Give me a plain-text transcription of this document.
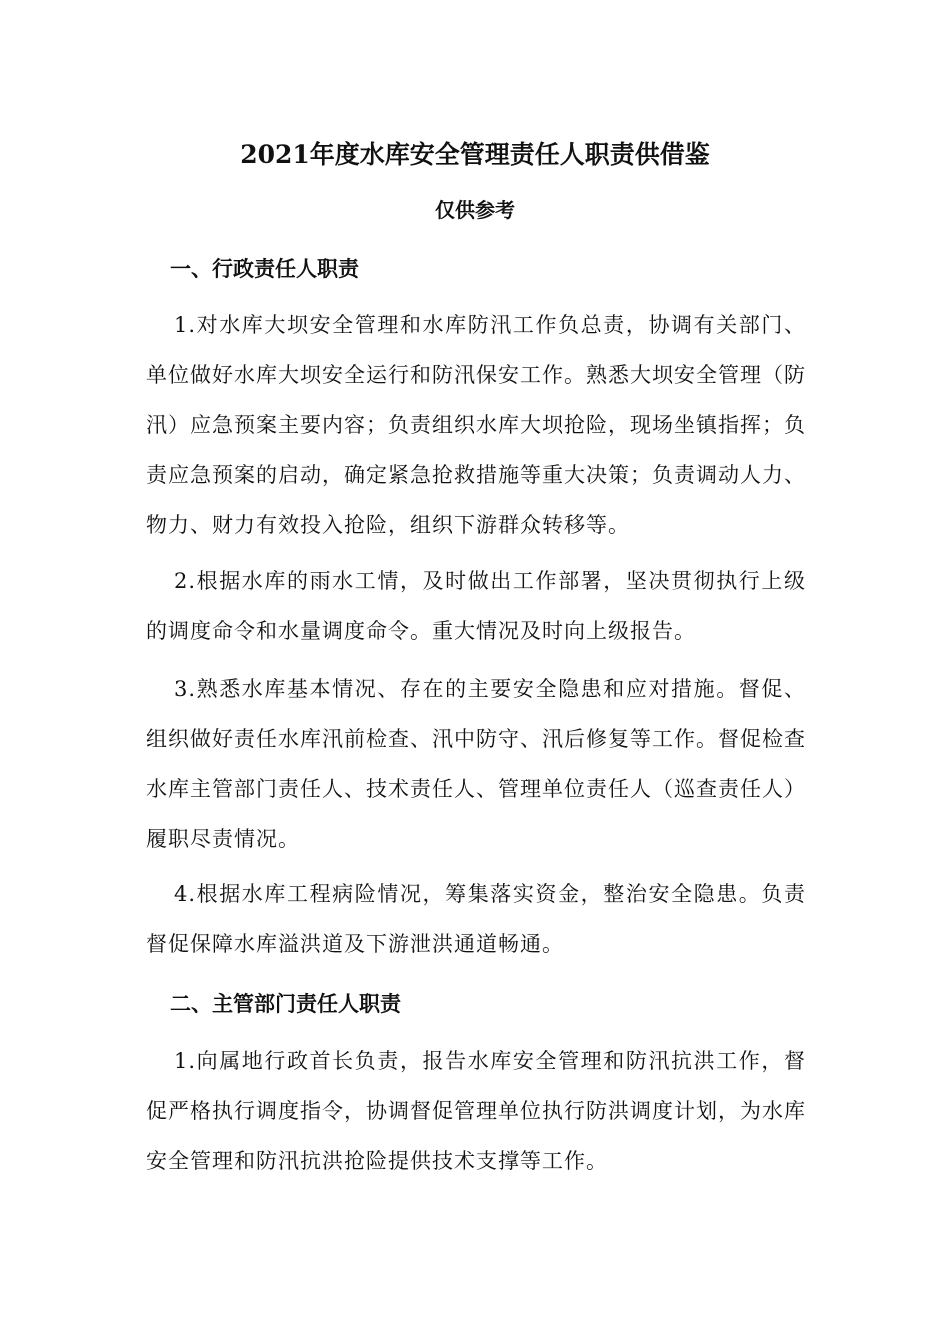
2021年度水库安全管理责任人职责供借鉴
仅供参考
一、行政责任人职责

1.对水库大坝安全管理和水库防汛工作负总责，协调有关部门、单位做好水库大坝安全运行和防汛保安工作。熟悉大坝安全管理（防汛）应急预案主要内容；负责组织水库大坝抢险，现场坐镇指挥；负责应急预案的启动，确定紧急抢救措施等重大决策；负责调动人力、物力、财力有效投入抢险，组织下游群众转移等。

2.根据水库的雨水工情，及时做出工作部署，坚决贯彻执行上级的调度命令和水量调度命令。重大情况及时向上级报告。

3.熟悉水库基本情况、存在的主要安全隐患和应对措施。督促、组织做好责任水库汛前检查、汛中防守、汛后修复等工作。督促检查水库主管部门责任人、技术责任人、管理单位责任人（巡查责任人）履职尽责情况。

4.根据水库工程病险情况，筹集落实资金，整治安全隐患。负责督促保障水库溢洪道及下游泄洪通道畅通。

二、主管部门责任人职责

1.向属地行政首长负责，报告水库安全管理和防汛抗洪工作，督促严格执行调度指令，协调督促管理单位执行防洪调度计划，为水库安全管理和防汛抗洪抢险提供技术支撑等工作。
